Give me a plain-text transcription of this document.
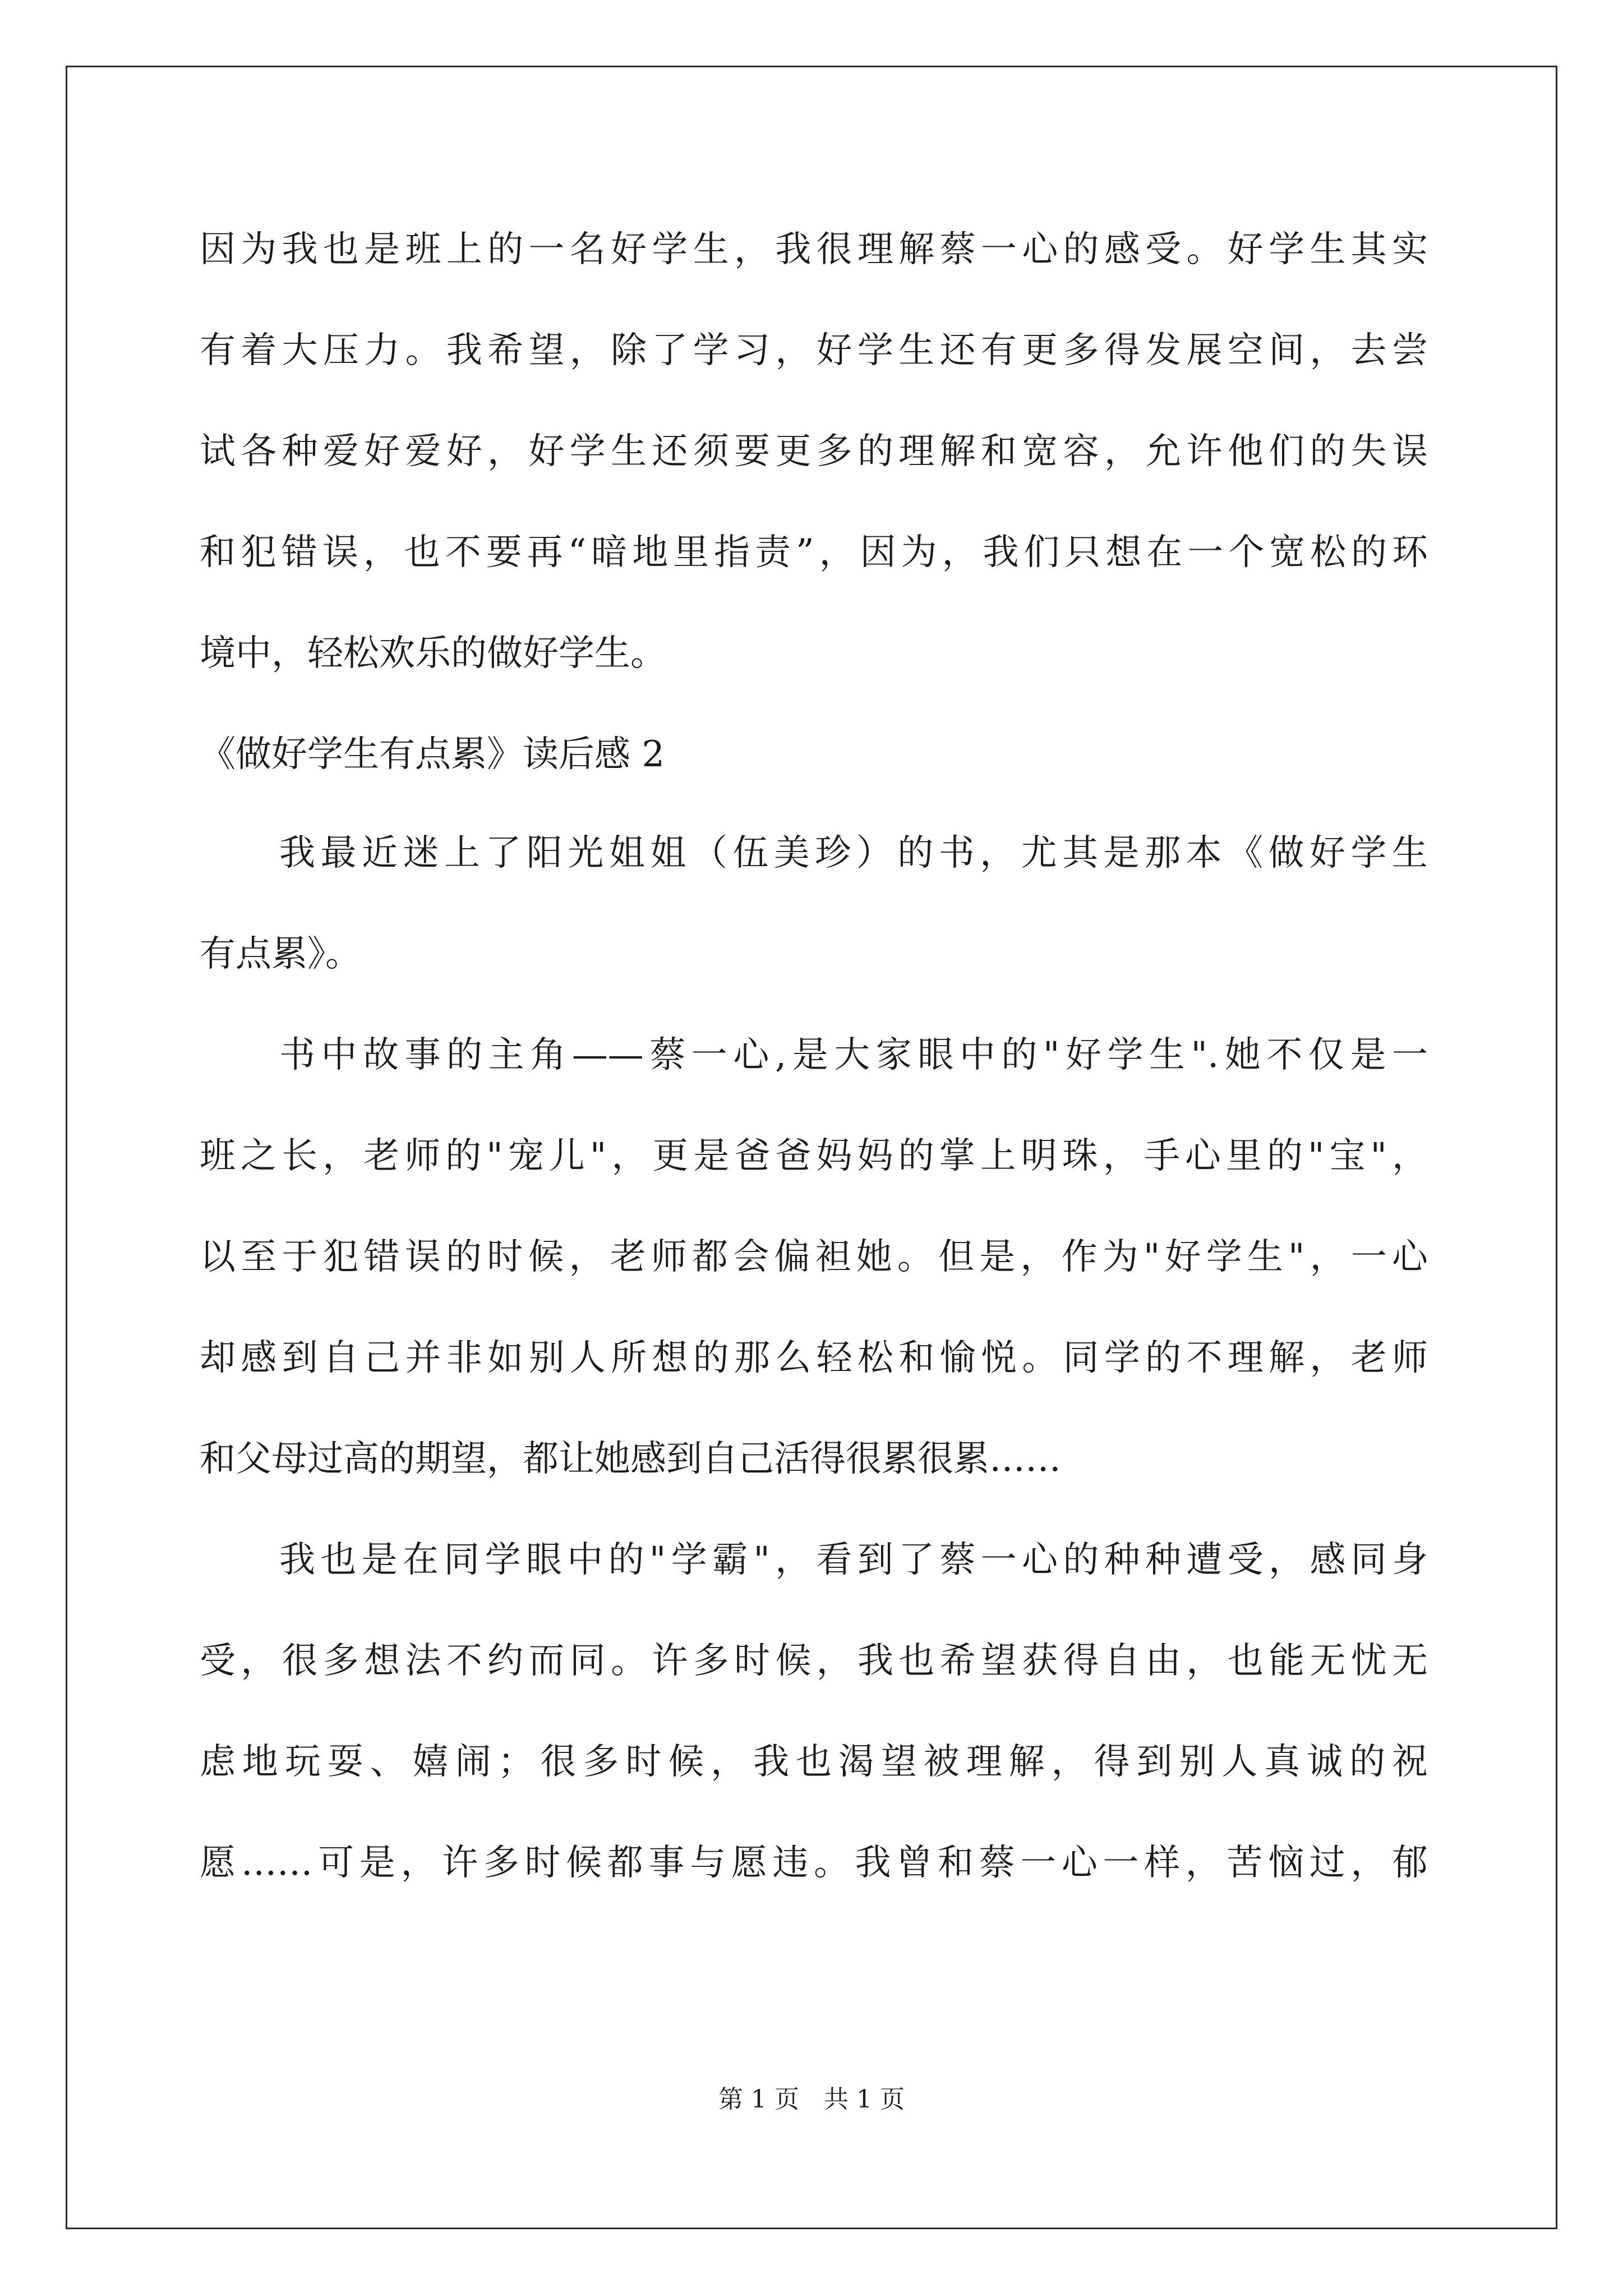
因为我也是班上的一名好学生，我很理解蔡一心的感受。好学生其实
有着大压力。我希望，除了学习，好学生还有更多得发展空间，去尝
试各种爱好爱好，好学生还须要更多的理解和宽容，允许他们的失误
和犯错误，也不要再“暗地里指责”，因为，我们只想在一个宽松的环
境中，轻松欢乐的做好学生。
《做好学生有点累》读后感 2
我最近迷上了阳光姐姐（伍美珍）的书，尤其是那本《做好学生
有点累》。
书中故事的主角——蔡一心,是大家眼中的"好学生".她不仅是一
班之长，老师的"宠儿"，更是爸爸妈妈的掌上明珠，手心里的"宝"，
以至于犯错误的时候，老师都会偏袒她。但是，作为"好学生"，一心
却感到自己并非如别人所想的那么轻松和愉悦。同学的不理解，老师
和父母过高的期望，都让她感到自己活得很累很累……
我也是在同学眼中的"学霸"，看到了蔡一心的种种遭受，感同身
受，很多想法不约而同。许多时候，我也希望获得自由，也能无忧无
虑地玩耍、嬉闹；很多时候，我也渴望被理解，得到别人真诚的祝
愿……可是，许多时候都事与愿违。我曾和蔡一心一样，苦恼过，郁
第 1 页　共 1 页
